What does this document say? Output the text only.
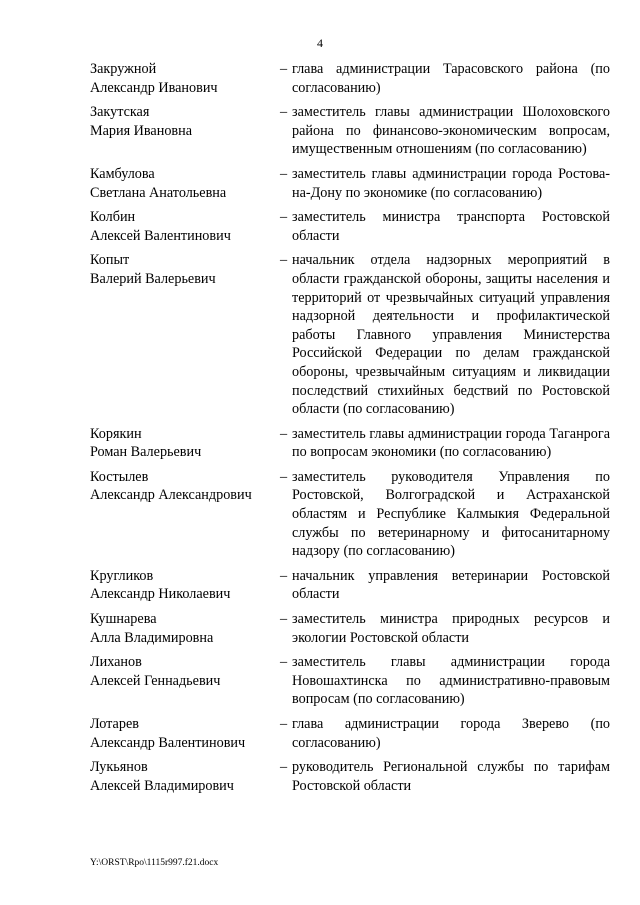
4
Закружной
Александр Иванович
– глава администрации Тарасовского района (по согласованию)
Закутская
Мария Ивановна
– заместитель главы администрации Шолоховского района по финансово-экономическим вопросам, имущественным отношениям (по согласованию)
Камбулова
Светлана Анатольевна
– заместитель главы администрации города Ростова-на-Дону по экономике (по согласованию)
Колбин
Алексей Валентинович
– заместитель министра транспорта Ростовской области
Копыт
Валерий Валерьевич
– начальник отдела надзорных мероприятий в области гражданской обороны, защиты населения и территорий от чрезвычайных ситуаций управления надзорной деятельности и профилактической работы Главного управления Министерства Российской Федерации по делам гражданской обороны, чрезвычайным ситуациям и ликвидации последствий стихийных бедствий по Ростовской области (по согласованию)
Корякин
Роман Валерьевич
– заместитель главы администрации города Таганрога по вопросам экономики (по согласованию)
Костылев
Александр Александрович
– заместитель руководителя Управления по Ростовской, Волгоградской и Астраханской областям и Республике Калмыкия Федеральной службы по ветеринарному и фитосанитарному надзору (по согласованию)
Кругликов
Александр Николаевич
– начальник управления ветеринарии Ростовской области
Кушнарева
Алла Владимировна
– заместитель министра природных ресурсов и экологии Ростовской области
Лиханов
Алексей Геннадьевич
– заместитель главы администрации города Новошахтинска по административно-правовым вопросам (по согласованию)
Лотарев
Александр Валентинович
– глава администрации города Зверево (по согласованию)
Лукьянов
Алексей Владимирович
– руководитель Региональной службы по тарифам Ростовской области
Y:\ORST\Rpo\1115r997.f21.docx
